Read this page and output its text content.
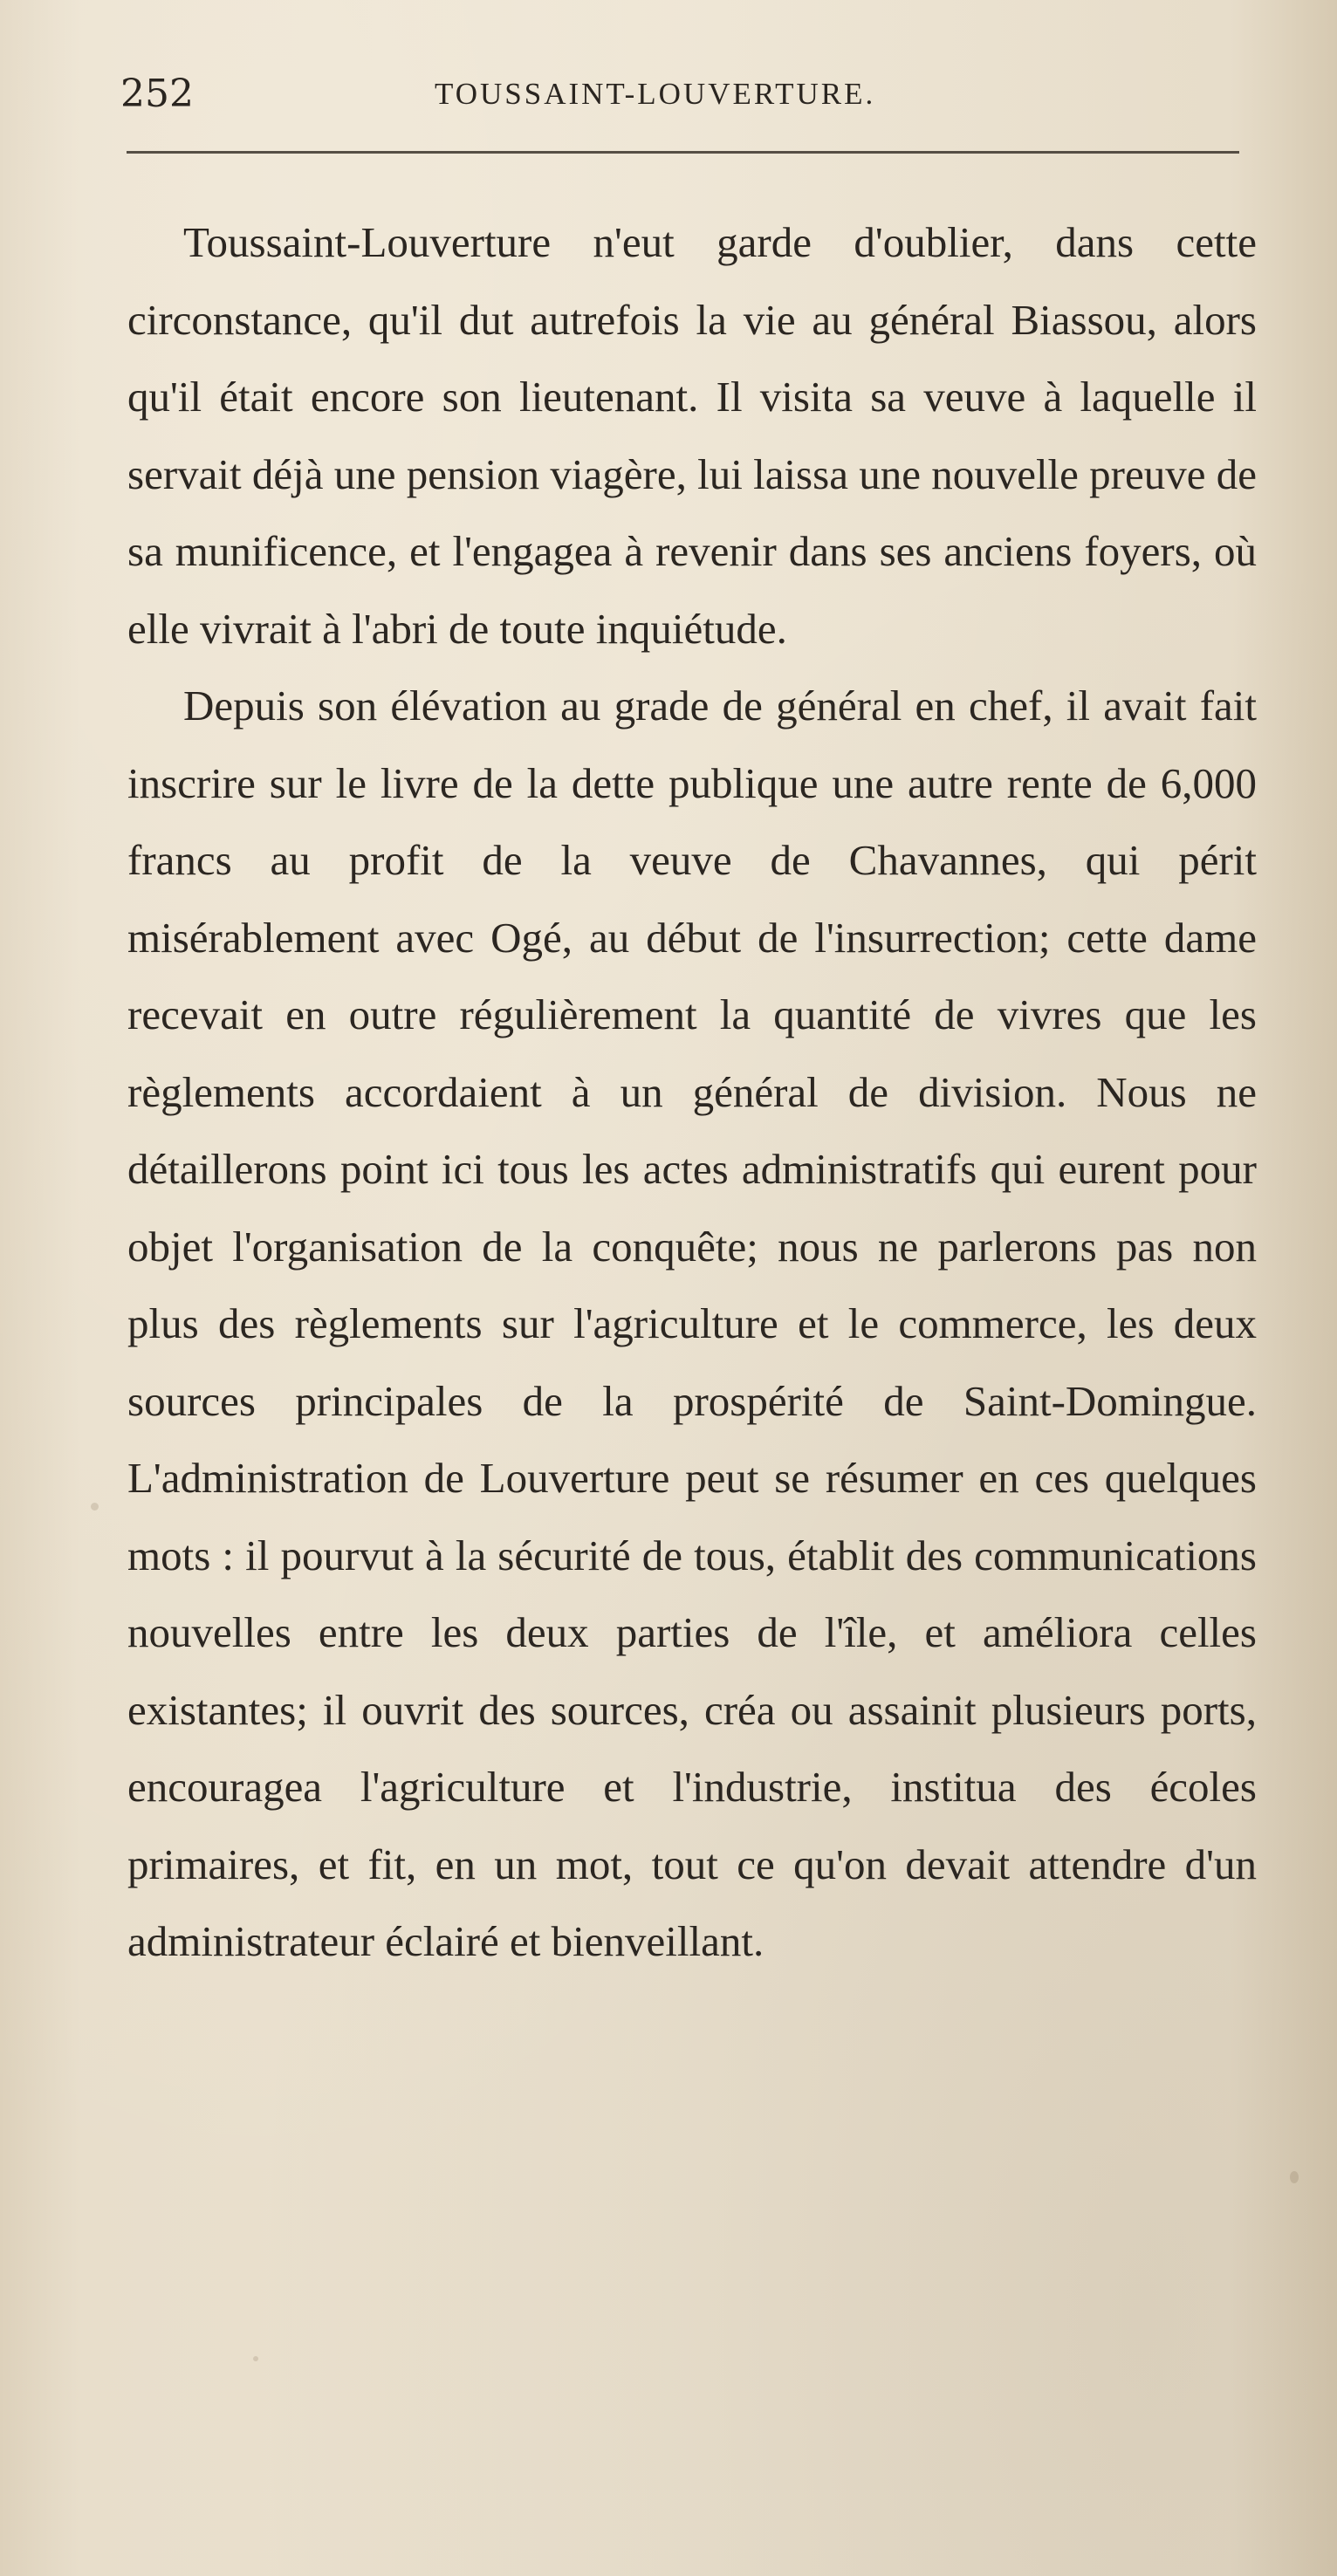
252	TOUSSAINT-LOUVERTURE.

Toussaint-Louverture n'eut garde d'oublier, dans cette circonstance, qu'il dut autrefois la vie au général Biassou, alors qu'il était encore son lieutenant. Il visita sa veuve à laquelle il servait déjà une pension viagère, lui laissa une nouvelle preuve de sa munificence, et l'engagea à revenir dans ses anciens foyers, où elle vivrait à l'abri de toute inquiétude.

Depuis son élévation au grade de général en chef, il avait fait inscrire sur le livre de la dette publique une autre rente de 6,000 francs au profit de la veuve de Chavannes, qui périt misérablement avec Ogé, au début de l'insurrection; cette dame recevait en outre régulièrement la quantité de vivres que les règlements accordaient à un général de division. Nous ne détaillerons point ici tous les actes administratifs qui eurent pour objet l'organisation de la conquête; nous ne parlerons pas non plus des règlements sur l'agriculture et le commerce, les deux sources principales de la prospérité de Saint-Domingue. L'administration de Louverture peut se résumer en ces quelques mots : il pourvut à la sécurité de tous, établit des communications nouvelles entre les deux parties de l'île, et améliora celles existantes; il ouvrit des sources, créa ou assainit plusieurs ports, encouragea l'agriculture et l'industrie, institua des écoles primaires, et fit, en un mot, tout ce qu'on devait attendre d'un administrateur éclairé et bienveillant.
